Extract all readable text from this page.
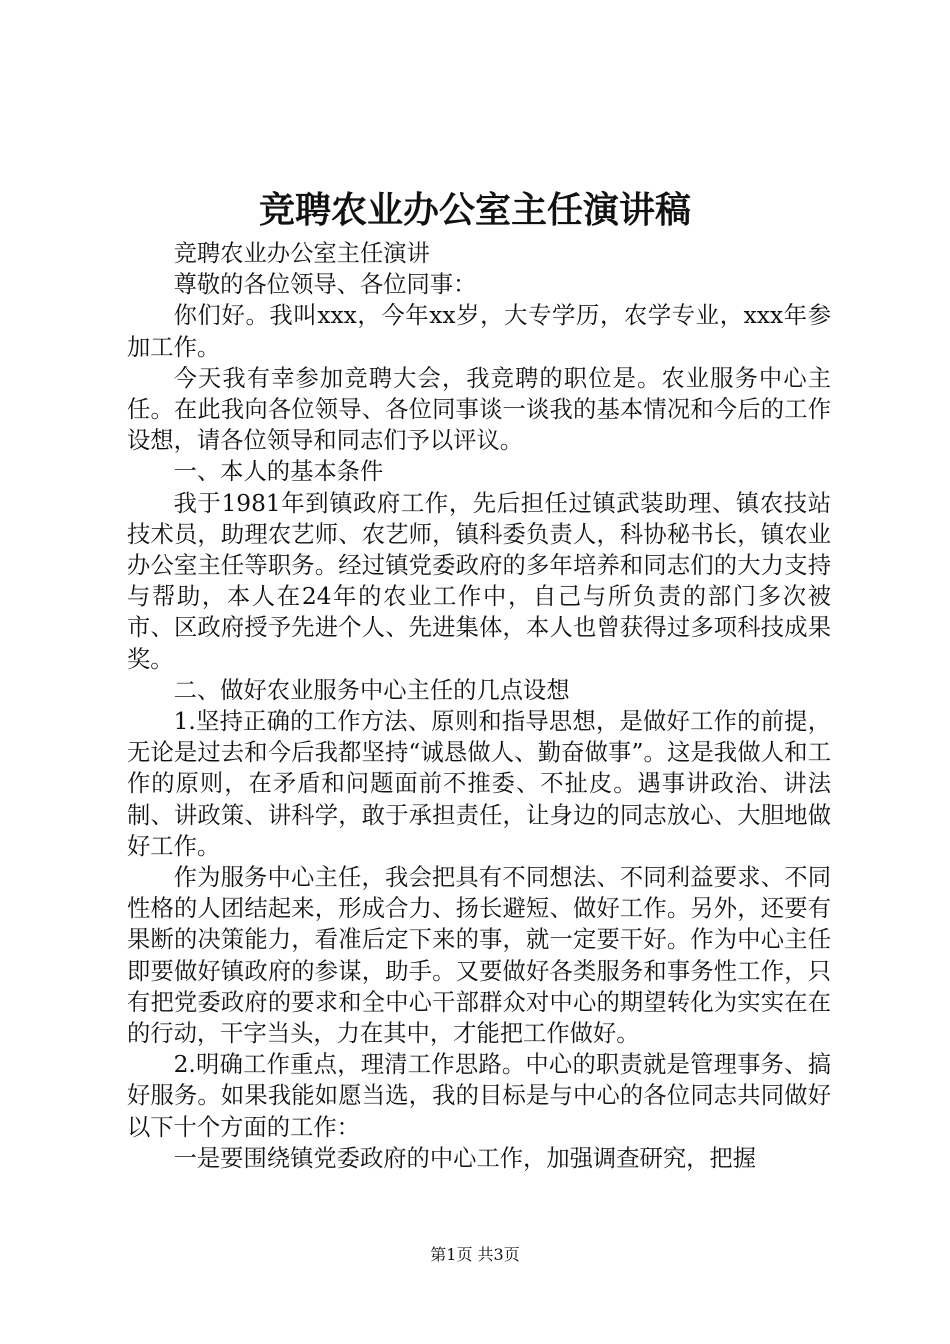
竞聘农业办公室主任演讲稿

竞聘农业办公室主任演讲

尊敬的各位领导、各位同事：

你们好。我叫xxx，今年xx岁，大专学历，农学专业，xxx年参加工作。

今天我有幸参加竞聘大会，我竞聘的职位是。农业服务中心主任。在此我向各位领导、各位同事谈一谈我的基本情况和今后的工作设想，请各位领导和同志们予以评议。

一、本人的基本条件

我于1981年到镇政府工作，先后担任过镇武装助理、镇农技站技术员，助理农艺师、农艺师，镇科委负责人，科协秘书长，镇农业办公室主任等职务。经过镇党委政府的多年培养和同志们的大力支持与帮助，本人在24年的农业工作中，自己与所负责的部门多次被市、区政府授予先进个人、先进集体，本人也曾获得过多项科技成果奖。

二、做好农业服务中心主任的几点设想

1.坚持正确的工作方法、原则和指导思想，是做好工作的前提，无论是过去和今后我都坚持“诚恳做人、勤奋做事”。这是我做人和工作的原则，在矛盾和问题面前不推委、不扯皮。遇事讲政治、讲法制、讲政策、讲科学，敢于承担责任，让身边的同志放心、大胆地做好工作。

作为服务中心主任，我会把具有不同想法、不同利益要求、不同性格的人团结起来，形成合力、扬长避短、做好工作。另外，还要有果断的决策能力，看准后定下来的事，就一定要干好。作为中心主任即要做好镇政府的参谋，助手。又要做好各类服务和事务性工作，只有把党委政府的要求和全中心干部群众对中心的期望转化为实实在在的行动，干字当头，力在其中，才能把工作做好。

2.明确工作重点，理清工作思路。中心的职责就是管理事务、搞好服务。如果我能如愿当选，我的目标是与中心的各位同志共同做好以下十个方面的工作：

一是要围绕镇党委政府的中心工作，加强调查研究，把握

第1页 共3页
